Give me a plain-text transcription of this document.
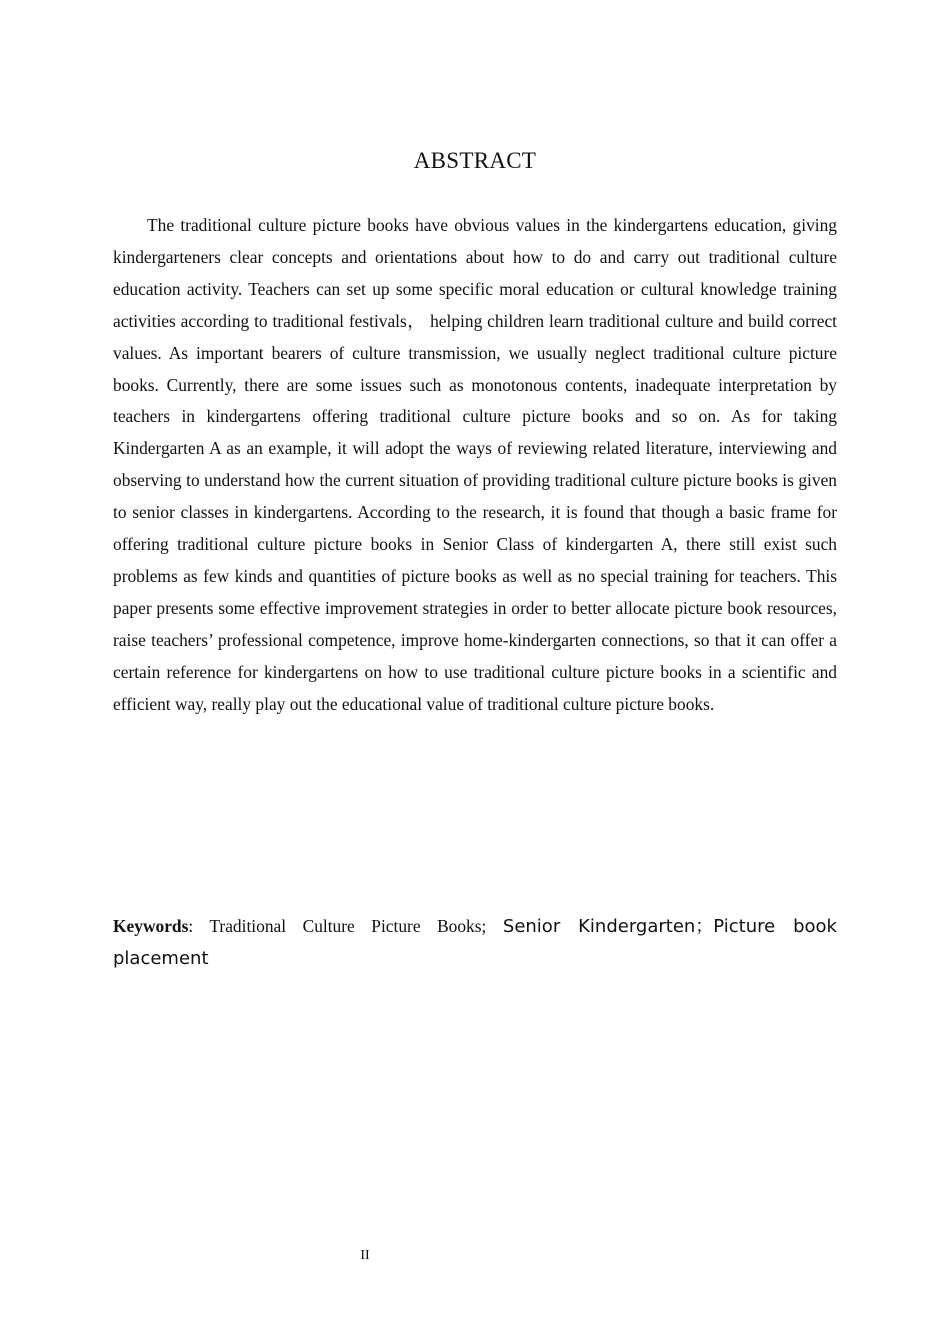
ABSTRACT

The traditional culture picture books have obvious values in the kindergartens education, giving kindergarteners clear concepts and orientations about how to do and carry out traditional culture education activity. Teachers can set up some specific moral education or cultural knowledge training activities according to traditional festivals， helping children learn traditional culture and build correct values. As important bearers of culture transmission, we usually neglect traditional culture picture books. Currently, there are some issues such as monotonous contents, inadequate interpretation by teachers in kindergartens offering traditional culture picture books and so on. As for taking Kindergarten A as an example, it will adopt the ways of reviewing related literature, interviewing and observing to understand how the current situation of providing traditional culture picture books is given to senior classes in kindergartens. According to the research, it is found that though a basic frame for offering traditional culture picture books in Senior Class of kindergarten A, there still exist such problems as few kinds and quantities of picture books as well as no special training for teachers. This paper presents some effective improvement strategies in order to better allocate picture book resources, raise teachers’ professional competence, improve home-kindergarten connections, so that it can offer a certain reference for kindergartens on how to use traditional culture picture books in a scientific and efficient way, really play out the educational value of traditional culture picture books.

Keywords: Traditional Culture Picture Books; Senior Kindergarten；Picture book placement

II
